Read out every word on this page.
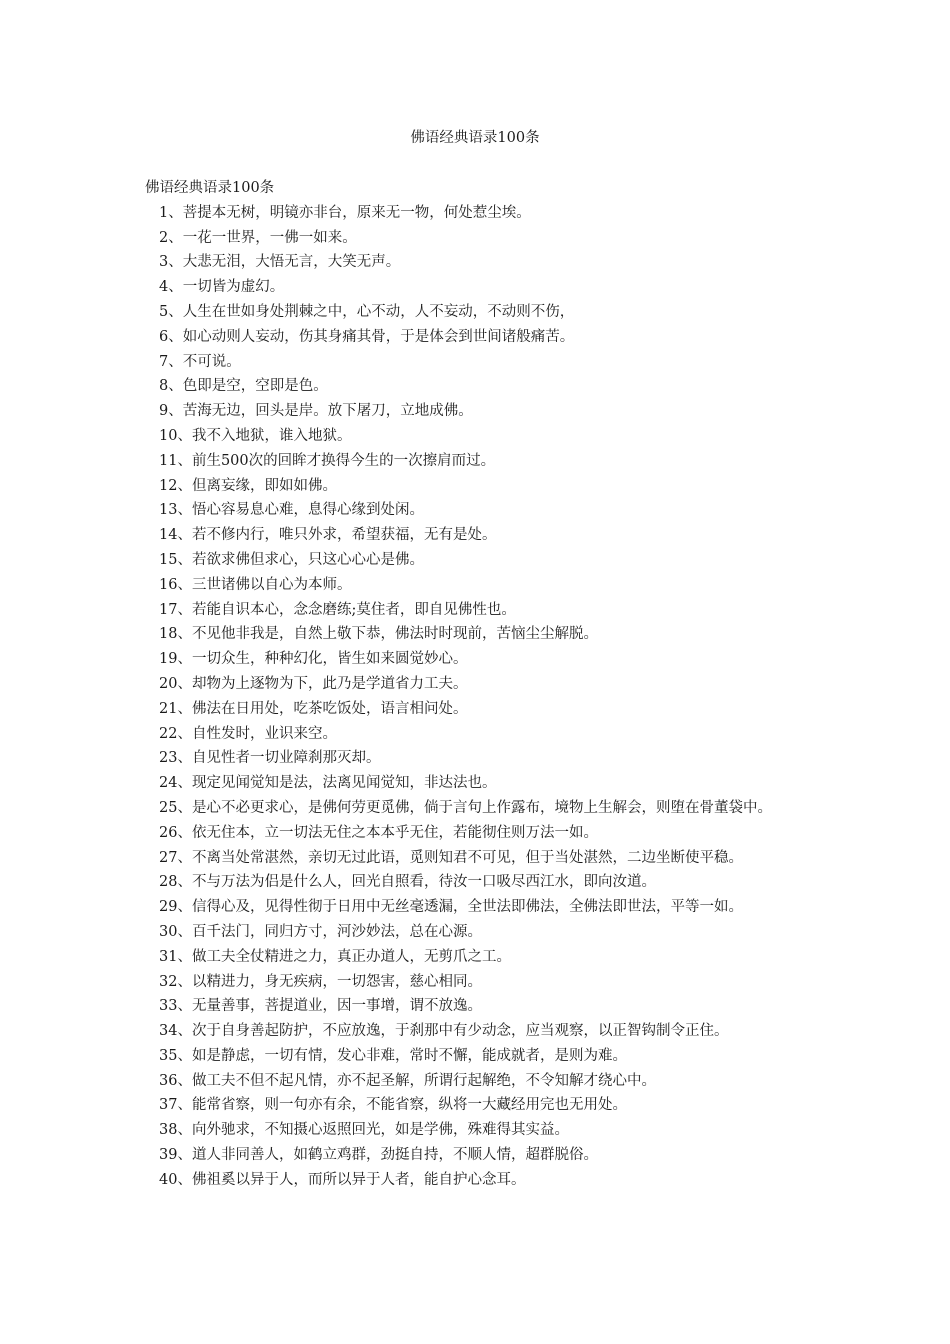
佛语经典语录100条

佛语经典语录100条

1、菩提本无树，明镜亦非台，原来无一物，何处惹尘埃。
2、一花一世界，一佛一如来。
3、大悲无泪，大悟无言，大笑无声。
4、一切皆为虚幻。
5、人生在世如身处荆棘之中，心不动，人不妄动，不动则不伤，
6、如心动则人妄动，伤其身痛其骨，于是体会到世间诸般痛苦。
7、不可说。
8、色即是空，空即是色。
9、苦海无边，回头是岸。放下屠刀，立地成佛。
10、我不入地狱，谁入地狱。
11、前生500次的回眸才换得今生的一次擦肩而过。
12、但离妄缘，即如如佛。
13、悟心容易息心难，息得心缘到处闲。
14、若不修内行，唯只外求，希望获福，无有是处。
15、若欲求佛但求心，只这心心心是佛。
16、三世诸佛以自心为本师。
17、若能自识本心，念念磨练;莫住者，即自见佛性也。
18、不见他非我是，自然上敬下恭，佛法时时现前，苦恼尘尘解脱。
19、一切众生，种种幻化，皆生如来圆觉妙心。
20、却物为上逐物为下，此乃是学道省力工夫。
21、佛法在日用处，吃茶吃饭处，语言相问处。
22、自性发时，业识来空。
23、自见性者一切业障刹那灭却。
24、现定见闻觉知是法，法离见闻觉知，非达法也。
25、是心不必更求心，是佛何劳更觅佛，倘于言句上作露布，境物上生解会，则堕在骨董袋中。
26、依无住本，立一切法无住之本本乎无住，若能彻住则万法一如。
27、不离当处常湛然，亲切无过此语，觅则知君不可见，但于当处湛然，二边坐断使平稳。
28、不与万法为侣是什么人，回光自照看，待汝一口吸尽西江水，即向汝道。
29、信得心及，见得性彻于日用中无丝毫透漏，全世法即佛法，全佛法即世法，平等一如。
30、百千法门，同归方寸，河沙妙法，总在心源。
31、做工夫全仗精进之力，真正办道人，无剪爪之工。
32、以精进力，身无疾病，一切怨害，慈心相同。
33、无量善事，菩提道业，因一事增，谓不放逸。
34、次于自身善起防护，不应放逸，于刹那中有少动念，应当观察，以正智钩制令正住。
35、如是静虑，一切有情，发心非难，常时不懈，能成就者，是则为难。
36、做工夫不但不起凡情，亦不起圣解，所谓行起解绝，不令知解才绕心中。
37、能常省察，则一句亦有余，不能省察，纵将一大藏经用完也无用处。
38、向外驰求，不知摄心返照回光，如是学佛，殊难得其实益。
39、道人非同善人，如鹤立鸡群，劲挺自持，不顺人情，超群脱俗。
40、佛祖奚以异于人，而所以异于人者，能自护心念耳。
